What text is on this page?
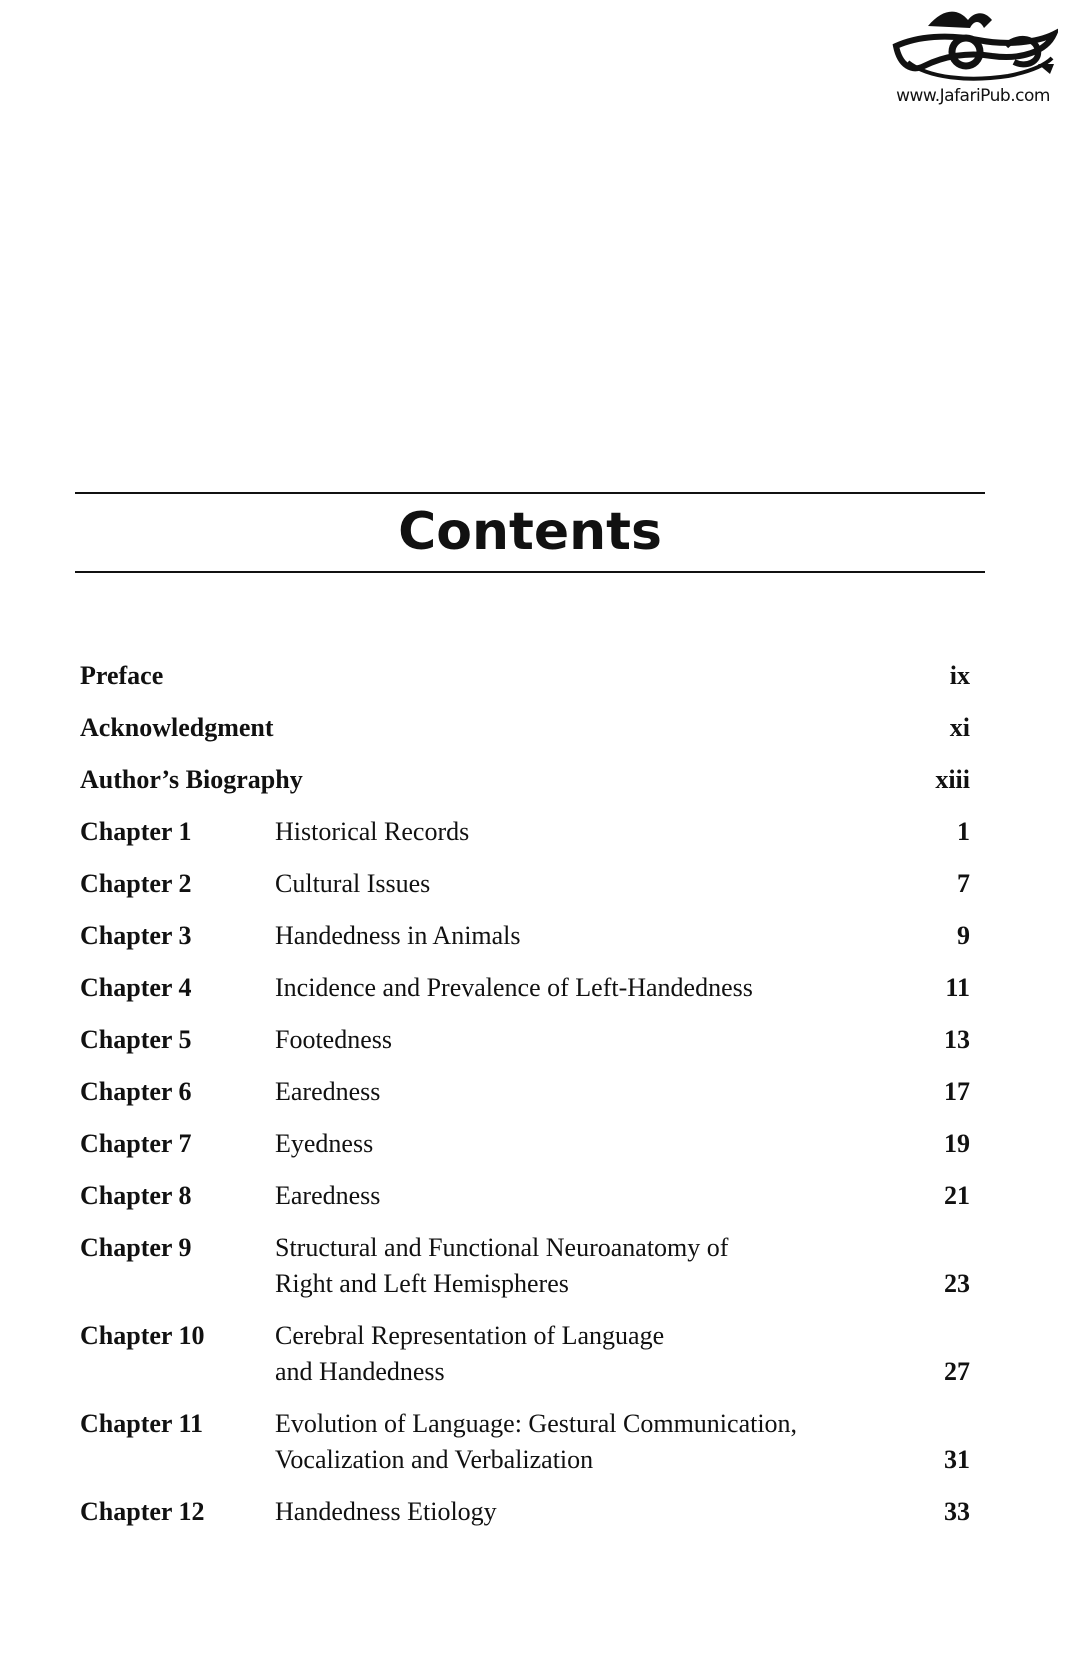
www.JafariPub.com
Contents
Preface	ix
Acknowledgment	xi
Author’s Biography	xiii
Chapter 1	Historical Records	1
Chapter 2	Cultural Issues	7
Chapter 3	Handedness in Animals	9
Chapter 4	Incidence and Prevalence of Left-Handedness	11
Chapter 5	Footedness	13
Chapter 6	Earedness	17
Chapter 7	Eyedness	19
Chapter 8	Earedness	21
Chapter 9	Structural and Functional Neuroanatomy of
Right and Left Hemispheres	23
Chapter 10	Cerebral Representation of Language
and Handedness	27
Chapter 11	Evolution of Language: Gestural Communication,
Vocalization and Verbalization	31
Chapter 12	Handedness Etiology	33
